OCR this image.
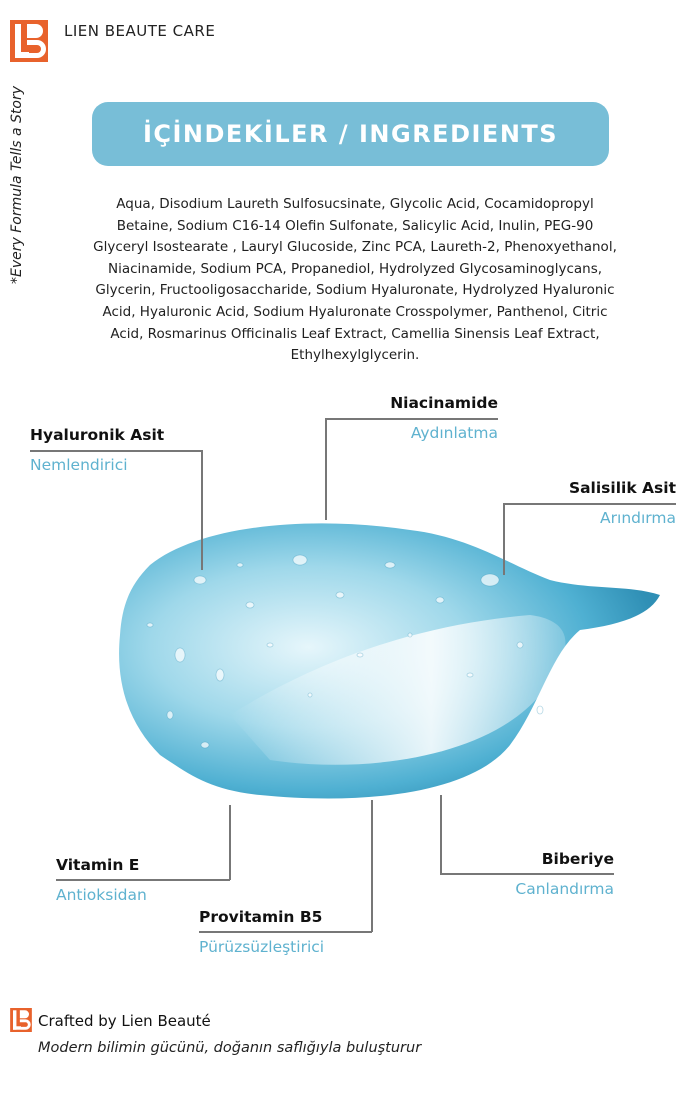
LIEN BEAUTE CARE
*Every Formula Tells a Story	İÇİNDEKİLER / INGREDIENTS
Aqua, Disodium Laureth Sulfosucsinate, Glycolic Acid, Cocamidopropyl Betaine, Sodium C16-14 Olefin Sulfonate, Salicylic Acid, Inulin, PEG-90 Glyceryl Isostearate , Lauryl Glucoside, Zinc PCA, Laureth-2, Phenoxyethanol, Niacinamide, Sodium PCA, Propanediol, Hydrolyzed Glycosaminoglycans, Glycerin, Fructooligosaccharide, Sodium Hyaluronate, Hydrolyzed Hyaluronic Acid, Hyaluronic Acid, Sodium Hyaluronate Crosspolymer, Panthenol, Citric Acid, Rosmarinus Officinalis Leaf Extract, Camellia Sinensis Leaf Extract, Ethylhexylglycerin.
Hyaluronik Asit
Nemlendirici
Niacinamide
Aydınlatma
Salisilik Asit
Arındırma
Vitamin E
Antioksidan
Provitamin B5
Pürüzsüzleştirici
Biberiye
Canlandırma
Crafted by Lien Beauté
Modern bilimin gücünü, doğanın saflığıyla buluşturur
